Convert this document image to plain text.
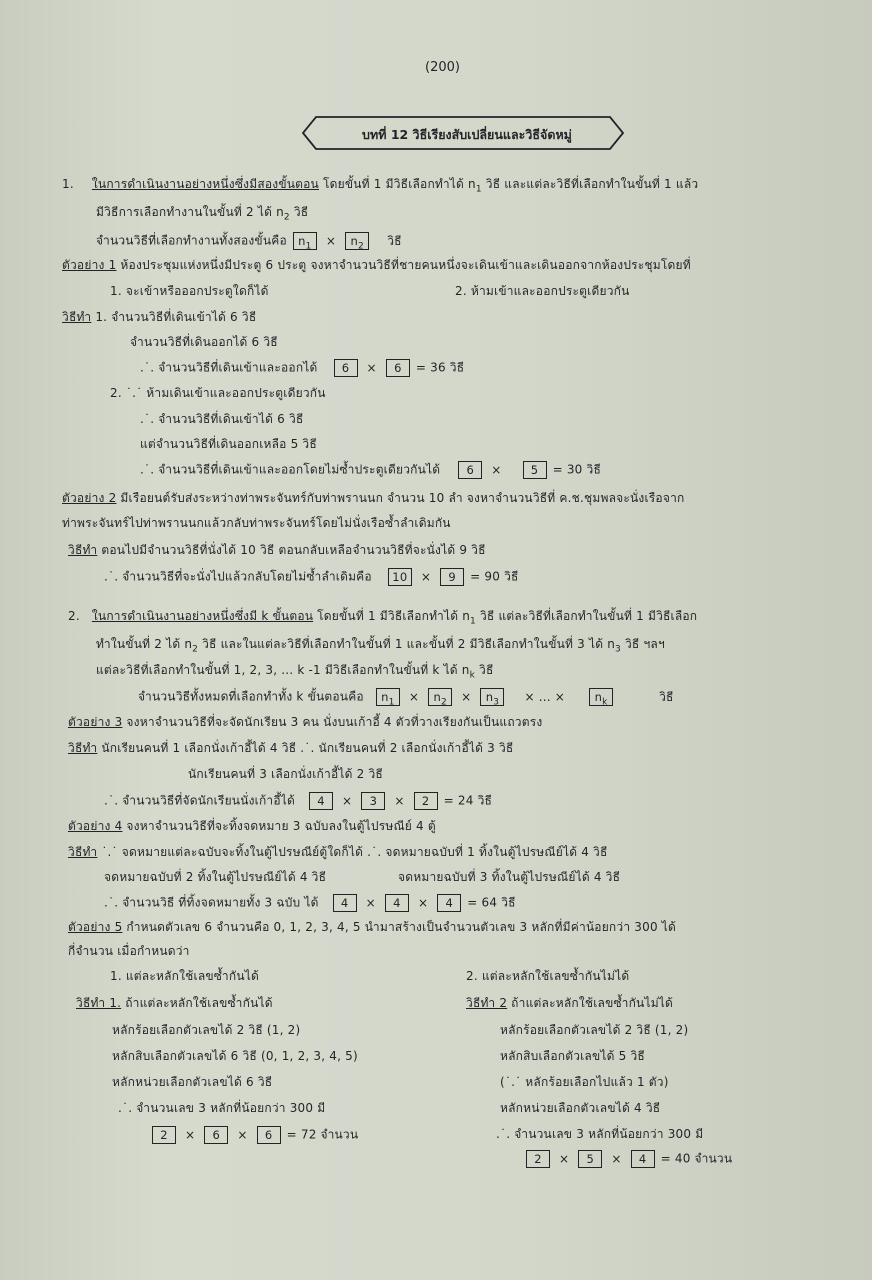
(200)
บทที่ 12 วิธีเรียงสับเปลี่ยนและวิธีจัดหมู่
1. ในการดำเนินงานอย่างหนึ่งซึ่งมีสองขั้นตอน โดยขั้นที่ 1 มีวิธีเลือกทำได้ $n_1$ วิธี และแต่ละวิธีที่เลือกทำในขั้นที่ 1 แล้ว
มีวิธีการเลือกทำงานในขั้นที่ 2 ได้ $n_2$ วิธี
จำนวนวิธีที่เลือกทำงานทั้งสองขั้นคือ $n_1 \times n_2$ วิธี
ตัวอย่าง 1 ห้องประชุมแห่งหนึ่งมีประตู 6 ประตู จงหาจำนวนวิธีที่ชายคนหนึ่งจะเดินเข้าและเดินออกจากห้องประชุมโดยที่
1. จะเข้าหรือออกประตูใดก็ได้	2. ห้ามเข้าและออกประตูเดียวกัน
วิธีทำ 1. จำนวนวิธีที่เดินเข้าได้ 6 วิธี
จำนวนวิธีที่เดินออกได้ 6 วิธี
.˙. จำนวนวิธีที่เดินเข้าและออกได้ 6 × 6 = 36 วิธี
2. ˙.˙ ห้ามเดินเข้าและออกประตูเดียวกัน
.˙. จำนวนวิธีที่เดินเข้าได้ 6 วิธี
แต่จำนวนวิธีที่เดินออกเหลือ 5 วิธี
.˙. จำนวนวิธีที่เดินเข้าและออกโดยไม่ซ้ำประตูเดียวกันได้ 6 ×	5 = 30 วิธี
ตัวอย่าง 2 มีเรือยนต์รับส่งระหว่างท่าพระจันทร์กับท่าพรานนก จำนวน 10 ลำ จงหาจำนวนวิธีที่ ค.ช.ชุมพลจะนั่งเรือจาก
ท่าพระจันทร์ไปท่าพรานนกแล้วกลับท่าพระจันทร์โดยไม่นั่งเรือซ้ำลำเดิมกัน
วิธีทำ ตอนไปมีจำนวนวิธีที่นั่งได้ 10 วิธี ตอนกลับเหลือจำนวนวิธีที่จะนั่งได้ 9 วิธี
.˙. จำนวนวิธีที่จะนั่งไปแล้วกลับโดยไม่ซ้ำลำเดิมคือ 10 × 9 = 90 วิธี
2. ในการดำเนินงานอย่างหนึ่งซึ่งมี k ขั้นตอน โดยขั้นที่ 1 มีวิธีเลือกทำได้ $n_1$ วิธี แต่ละวิธีที่เลือกทำในขั้นที่ 1 มีวิธีเลือก
ทำในขั้นที่ 2 ได้ $n_2$ วิธี และในแต่ละวิธีที่เลือกทำในขั้นที่ 1 และขั้นที่ 2 มีวิธีเลือกทำในขั้นที่ 3 ได้ $n_3$ วิธี ฯลฯ
แต่ละวิธีที่เลือกทำในขั้นที่ 1, 2, 3, ... k -1 มีวิธีเลือกทำในขั้นที่ k ได้ $n_k$ วิธี
จำนวนวิธีทั้งหมดที่เลือกทำทั้ง k ขั้นตอนคือ $n_1 \times n_2 \times n_3$ × ... ×	$n_k$	วิธี
ตัวอย่าง 3 จงหาจำนวนวิธีที่จะจัดนักเรียน 3 คน นั่งบนเก้าอี้ 4 ตัวที่วางเรียงกันเป็นแถวตรง
วิธีทำ นักเรียนคนที่ 1 เลือกนั่งเก้าอี้ได้ 4 วิธี .˙. นักเรียนคนที่ 2 เลือกนั่งเก้าอี้ได้ 3 วิธี
นักเรียนคนที่ 3 เลือกนั่งเก้าอี้ได้ 2 วิธี
.˙. จำนวนวิธีที่จัดนักเรียนนั่งเก้าอี้ได้ 4 × 3 × 2 = 24 วิธี
ตัวอย่าง 4 จงหาจำนวนวิธีที่จะทิ้งจดหมาย 3 ฉบับลงในตู้ไปรษณีย์ 4 ตู้
วิธีทำ ˙.˙ จดหมายแต่ละฉบับจะทิ้งในตู้ไปรษณีย์ตู้ใดก็ได้ .˙. จดหมายฉบับที่ 1 ทิ้งในตู้ไปรษณีย์ได้ 4 วิธี
จดหมายฉบับที่ 2 ทิ้งในตู้ไปรษณีย์ได้ 4 วิธี	จดหมายฉบับที่ 3 ทิ้งในตู้ไปรษณีย์ได้ 4 วิธี
.˙. จำนวนวิธี ที่ทิ้งจดหมายทั้ง 3 ฉบับ ได้ 4 × 4 × 4 = 64 วิธี
ตัวอย่าง 5 กำหนดตัวเลข 6 จำนวนคือ 0, 1, 2, 3, 4, 5 นำมาสร้างเป็นจำนวนตัวเลข 3 หลักที่มีค่าน้อยกว่า 300 ได้
กี่จำนวน เมื่อกำหนดว่า
1. แต่ละหลักใช้เลขซ้ำกันได้	2. แต่ละหลักใช้เลขซ้ำกันไม่ได้
วิธีทำ 1. ถ้าแต่ละหลักใช้เลขซ้ำกันได้
หลักร้อยเลือกตัวเลขได้ 2 วิธี (1, 2)
หลักสิบเลือกตัวเลขได้ 6 วิธี (0, 1, 2, 3, 4, 5)
หลักหน่วยเลือกตัวเลขได้ 6 วิธี
.˙. จำนวนเลข 3 หลักที่น้อยกว่า 300 มี
2 × 6 × 6 = 72 จำนวน
วิธีทำ 2 ถ้าแต่ละหลักใช้เลขซ้ำกันไม่ได้
หลักร้อยเลือกตัวเลขได้ 2 วิธี (1, 2)
หลักสิบเลือกตัวเลขได้ 5 วิธี
(˙.˙ หลักร้อยเลือกไปแล้ว 1 ตัว)
หลักหน่วยเลือกตัวเลขได้ 4 วิธี
.˙. จำนวนเลข 3 หลักที่น้อยกว่า 300 มี
2 × 5 × 4 = 40 จำนวน
